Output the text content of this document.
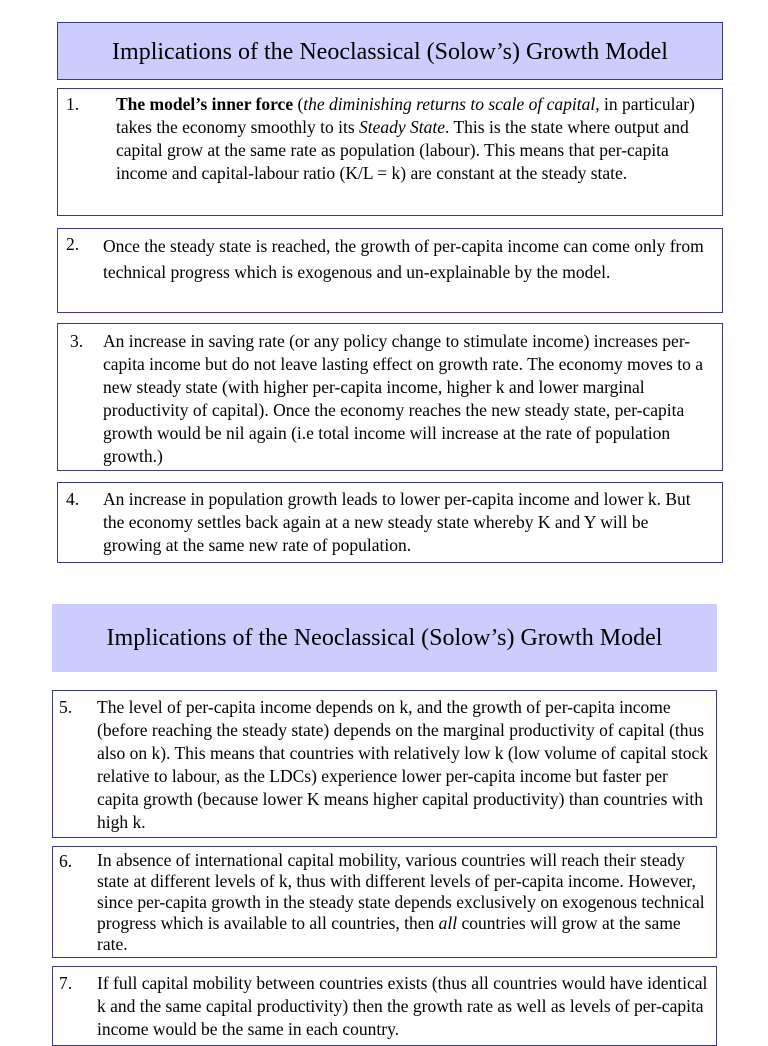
Implications of the Neoclassical (Solow’s) Growth Model
1. The model’s inner force (the diminishing returns to scale of capital, in particular) takes the economy smoothly to its Steady State. This is the state where output and capital grow at the same rate as population (labour). This means that per-capita income and capital-labour ratio (K/L = k) are constant at the steady state.
2. Once the steady state is reached, the growth of per-capita income can come only from technical progress which is exogenous and un-explainable by the model.
3. An increase in saving rate (or any policy change to stimulate income) increases per-capita income but do not leave lasting effect on growth rate. The economy moves to a new steady state (with higher per-capita income, higher k and lower marginal productivity of capital). Once the economy reaches the new steady state, per-capita growth would be nil again (i.e total income will increase at the rate of population growth.)
4. An increase in population growth leads to lower per-capita income and lower k. But the economy settles back again at a new steady state whereby K and Y will be growing at the same new rate of population.
Implications of the Neoclassical (Solow’s) Growth Model
5. The level of per-capita income depends on k, and the growth of per-capita income (before reaching the steady state) depends on the marginal productivity of capital (thus also on k). This means that countries with relatively low k (low volume of capital stock relative to labour, as the LDCs) experience lower per-capita income but faster per capita growth (because lower K means higher capital productivity) than countries with high k.
6. In absence of international capital mobility, various countries will reach their steady state at different levels of k, thus with different levels of per-capita income. However, since per-capita growth in the steady state depends exclusively on exogenous technical progress which is available to all countries, then all countries will grow at the same rate.
7. If full capital mobility between countries exists (thus all countries would have identical k and the same capital productivity) then the growth rate as well as levels of per-capita income would be the same in each country.
